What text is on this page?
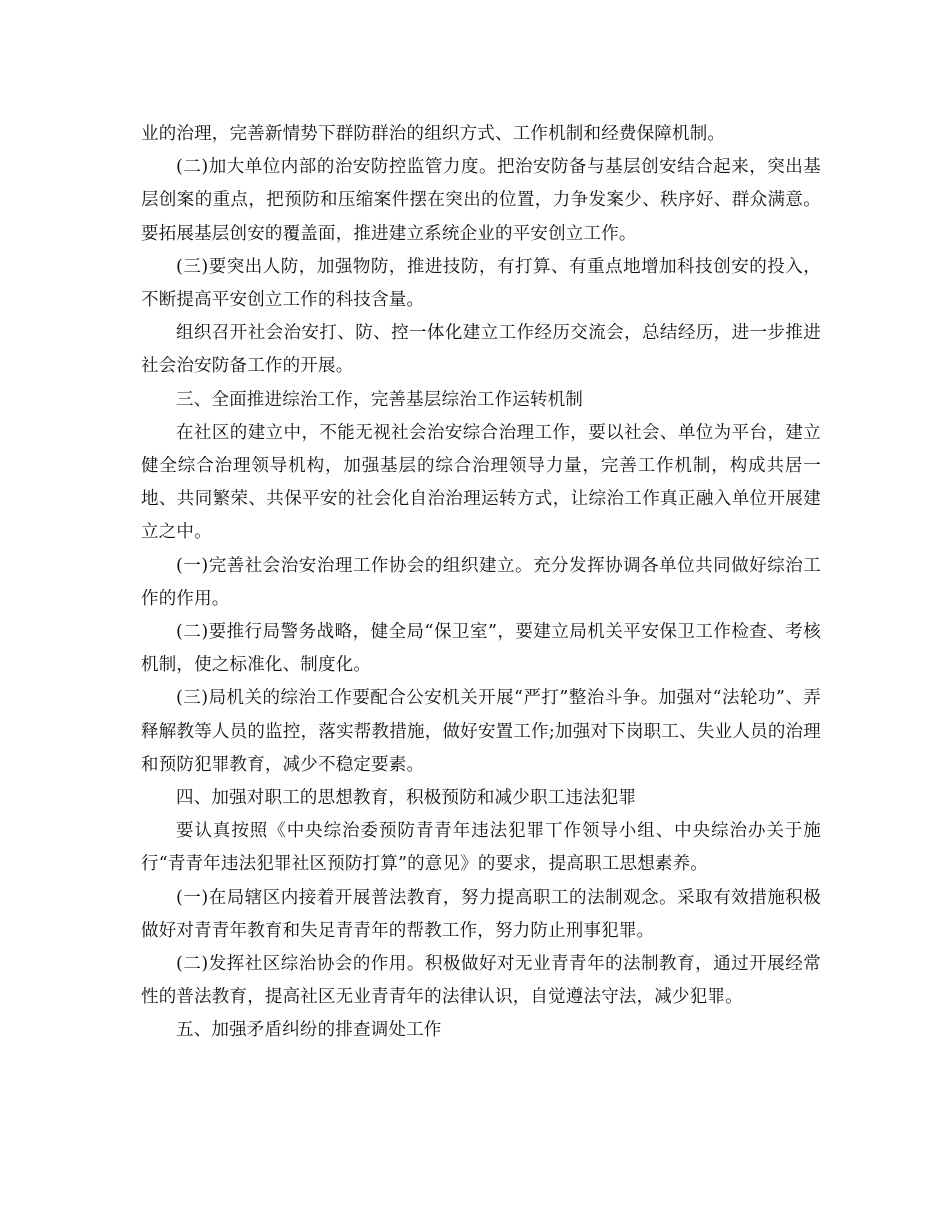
业的治理，完善新情势下群防群治的组织方式、工作机制和经费保障机制。

(二)加大单位内部的治安防控监管力度。把治安防备与基层创安结合起来，突出基层创案的重点，把预防和压缩案件摆在突出的位置，力争发案少、秩序好、群众满意。要拓展基层创安的覆盖面，推进建立系统企业的平安创立工作。

(三)要突出人防，加强物防，推进技防，有打算、有重点地增加科技创安的投入，不断提高平安创立工作的科技含量。

组织召开社会治安打、防、控一体化建立工作经历交流会，总结经历，进一步推进社会治安防备工作的开展。

三、全面推进综治工作，完善基层综治工作运转机制

在社区的建立中，不能无视社会治安综合治理工作，要以社会、单位为平台，建立健全综合治理领导机构，加强基层的综合治理领导力量，完善工作机制，构成共居一地、共同繁荣、共保平安的社会化自治治理运转方式，让综治工作真正融入单位开展建立之中。

(一)完善社会治安治理工作协会的组织建立。充分发挥协调各单位共同做好综治工作的作用。

(二)要推行局警务战略，健全局“保卫室”，要建立局机关平安保卫工作检查、考核机制，使之标准化、制度化。

(三)局机关的综治工作要配合公安机关开展“严打”整治斗争。加强对“法轮功”、弄释解教等人员的监控，落实帮教措施，做好安置工作;加强对下岗职工、失业人员的治理和预防犯罪教育，减少不稳定要素。

四、加强对职工的思想教育，积极预防和减少职工违法犯罪

要认真按照《中央综治委预防青青年违法犯罪丅作领导小组、中央综治办关于施行“青青年违法犯罪社区预防打算”的意见》的要求，提高职工思想素养。

(一)在局辖区内接着开展普法教育，努力提高职工的法制观念。采取有效措施积极做好对青青年教育和失足青青年的帮教工作，努力防止刑事犯罪。

(二)发挥社区综治协会的作用。积极做好对无业青青年的法制教育，通过开展经常性的普法教育，提高社区无业青青年的法律认识，自觉遵法守法，减少犯罪。

五、加强矛盾纠纷的排查调处工作
